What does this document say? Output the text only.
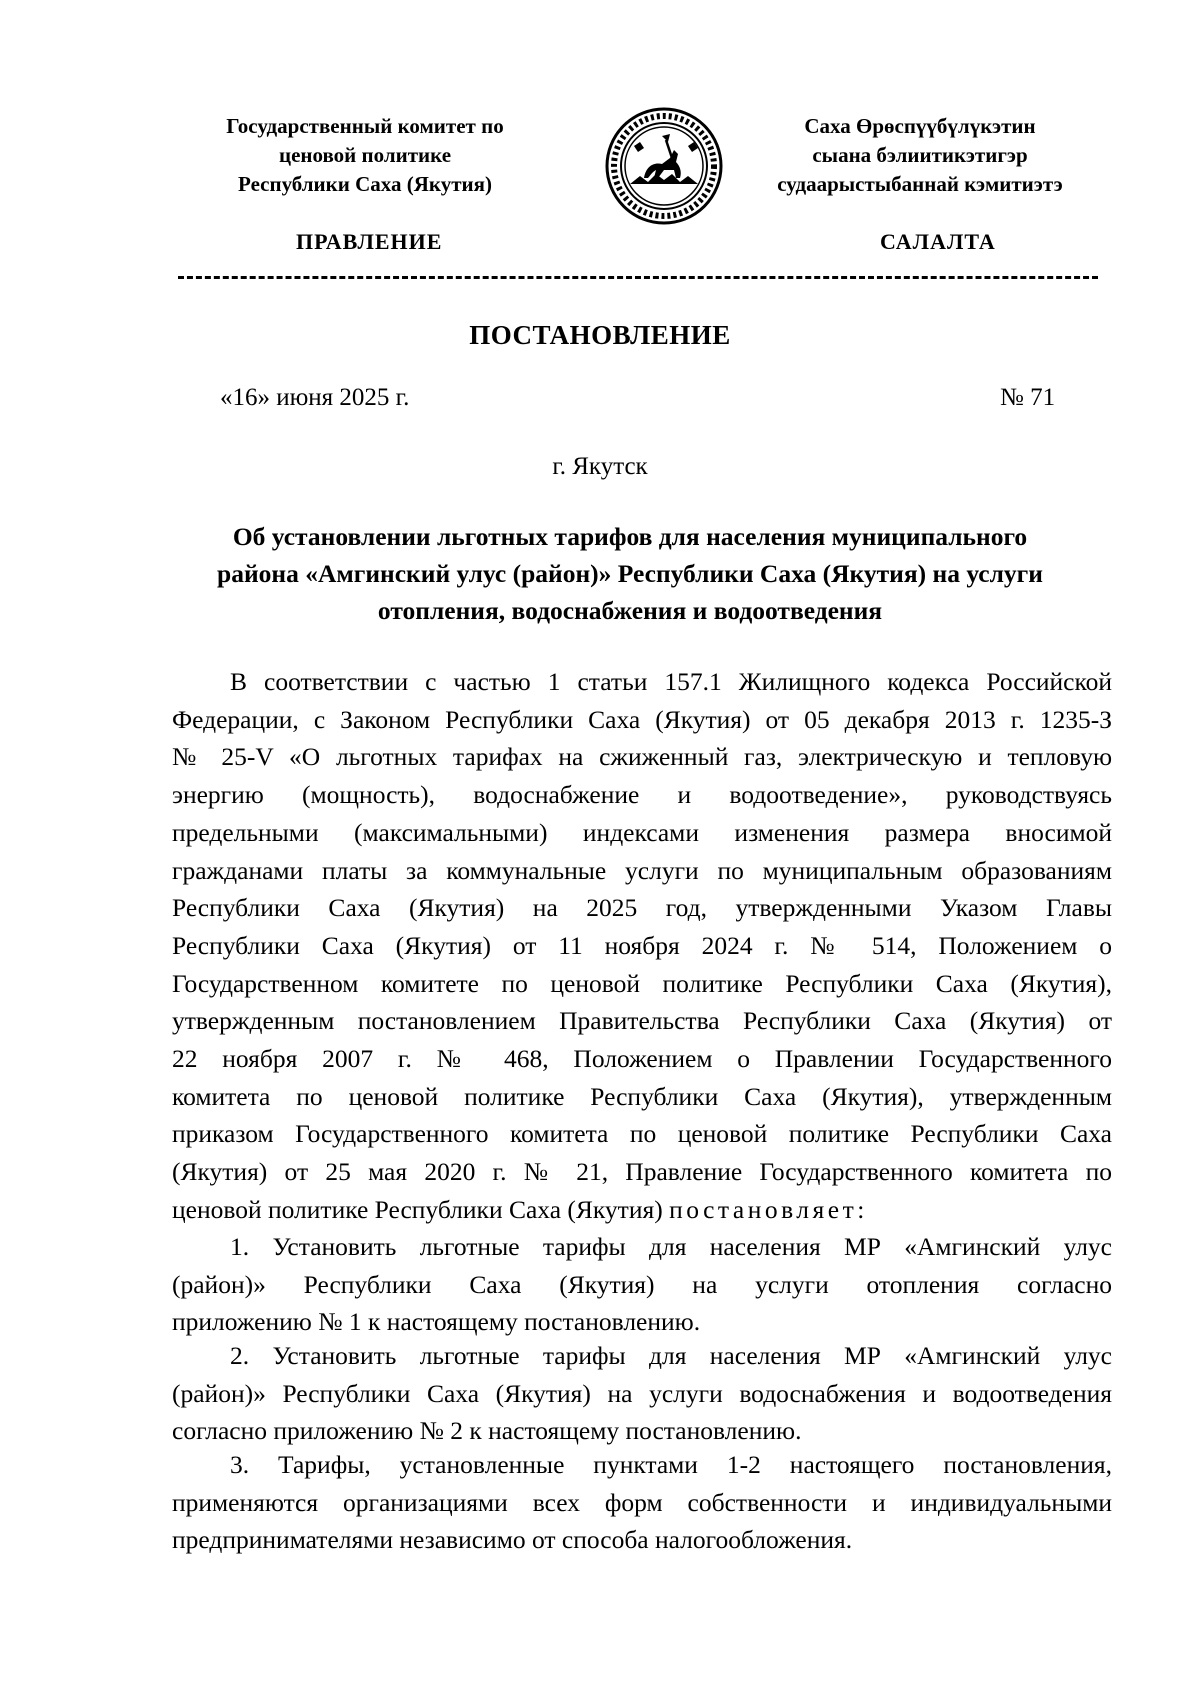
Государственный комитет по
ценовой политике
Республики Саха (Якутия)
Саха Өрөспүүбүлүкэтин
сыана бэлиитикэтигэр
судаарыстыбаннай кэмитиэтэ
ПРАВЛЕНИЕ	САЛАЛТА
ПОСТАНОВЛЕНИЕ
«16» июня 2025 г.	№ 71
г. Якутск
Об установлении льготных тарифов для населения муниципального
района «Амгинский улус (район)» Республики Саха (Якутия) на услуги
отопления, водоснабжения и водоотведения
В соответствии с частью 1 статьи 157.1 Жилищного кодекса Российской
Федерации, с Законом Республики Саха (Якутия) от 05 декабря 2013 г. 1235-З
№ 25-V «О льготных тарифах на сжиженный газ, электрическую и тепловую
энергию (мощность), водоснабжение и водоотведение», руководствуясь
предельными (максимальными) индексами изменения размера вносимой
гражданами платы за коммунальные услуги по муниципальным образованиям
Республики Саха (Якутия) на 2025 год, утвержденными Указом Главы
Республики Саха (Якутия) от 11 ноября 2024 г. № 514, Положением о
Государственном комитете по ценовой политике Республики Саха (Якутия),
утвержденным постановлением Правительства Республики Саха (Якутия) от
22 ноября 2007 г. № 468, Положением о Правлении Государственного
комитета по ценовой политике Республики Саха (Якутия), утвержденным
приказом Государственного комитета по ценовой политике Республики Саха
(Якутия) от 25 мая 2020 г. № 21, Правление Государственного комитета по
ценовой политике Республики Саха (Якутия) постановляет:
1. Установить льготные тарифы для населения МР «Амгинский улус
(район)» Республики Саха (Якутия) на услуги отопления согласно
приложению № 1 к настоящему постановлению.
2. Установить льготные тарифы для населения МР «Амгинский улус
(район)» Республики Саха (Якутия) на услуги водоснабжения и водоотведения
согласно приложению № 2 к настоящему постановлению.
3. Тарифы, установленные пунктами 1-2 настоящего постановления,
применяются организациями всех форм собственности и индивидуальными
предпринимателями независимо от способа налогообложения.
